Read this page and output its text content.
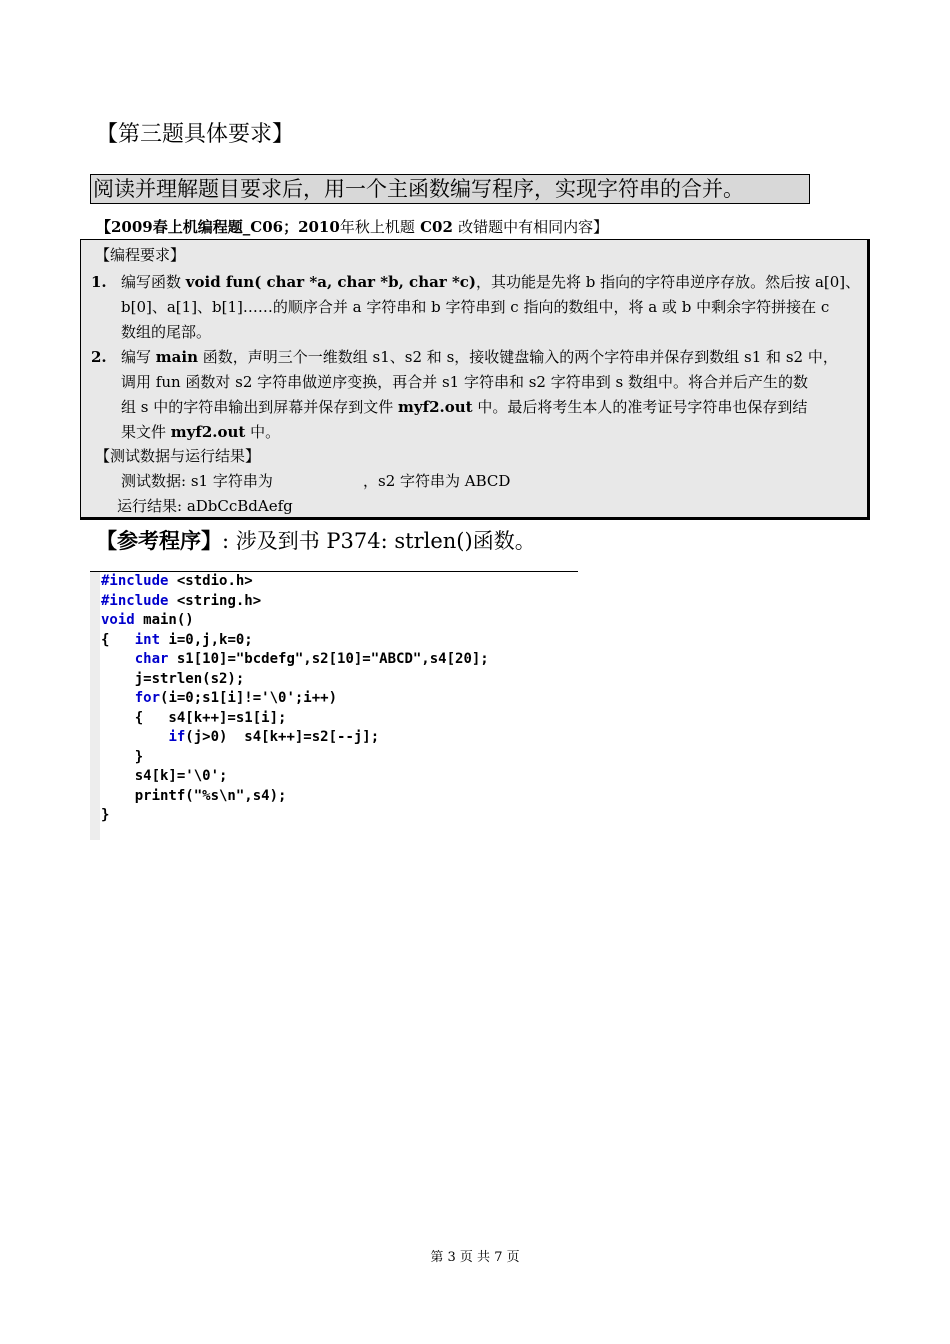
【第三题具体要求】
阅读并理解题目要求后，用一个主函数编写程序，实现字符串的合并。
【2009春上机编程题_C06；2010年秋上机题 C02 改错题中有相同内容】
【编程要求】
1. 编写函数 void fun( char *a, char *b, char *c)，其功能是先将 b 指向的字符串逆序存放。然后按 a[0]、
b[0]、a[1]、b[1]……的顺序合并 a 字符串和 b 字符串到 c 指向的数组中，将 a 或 b 中剩余字符拼接在 c
数组的尾部。
2. 编写 main 函数，声明三个一维数组 s1、s2 和 s，接收键盘输入的两个字符串并保存到数组 s1 和 s2 中，
调用 fun 函数对 s2 字符串做逆序变换，再合并 s1 字符串和 s2 字符串到 s 数组中。将合并后产生的数
组 s 中的字符串输出到屏幕并保存到文件 myf2.out 中。最后将考生本人的准考证号字符串也保存到结
果文件 myf2.out 中。
【测试数据与运行结果】
测试数据: s1 字符串为	，s2 字符串为 ABCD
运行结果: aDbCcBdAefg
【参考程序】: 涉及到书 P374: strlen()函数。
#include <stdio.h>
#include <string.h>
void main()
{   int i=0,j,k=0;
char s1[10]="bcdefg",s2[10]="ABCD",s4[20];
j=strlen(s2);
for(i=0;s1[i]!='\0';i++)
{   s4[k++]=s1[i];
if(j>0)  s4[k++]=s2[--j];
}
s4[k]='\0';
printf("%s\n",s4);
}
第 3 页 共 7 页
